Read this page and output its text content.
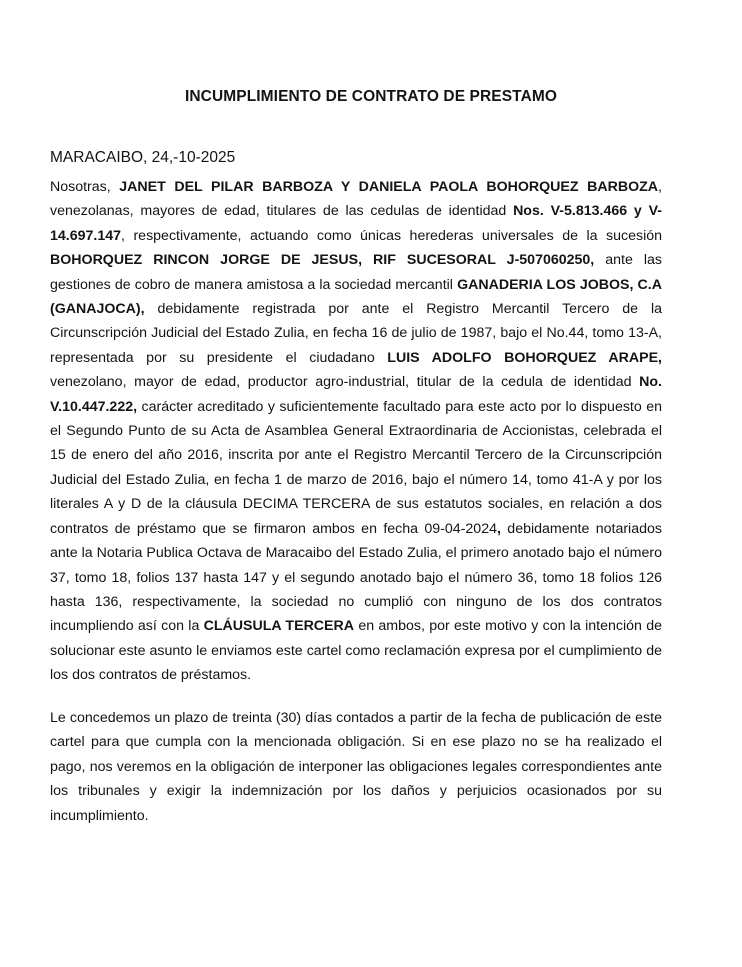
INCUMPLIMIENTO DE CONTRATO DE PRESTAMO
MARACAIBO, 24,-10-2025
Nosotras, JANET DEL PILAR BARBOZA Y DANIELA PAOLA BOHORQUEZ BARBOZA, venezolanas, mayores de edad, titulares de las cedulas de identidad Nos. V-5.813.466 y V-14.697.147, respectivamente, actuando como únicas herederas universales de la sucesión BOHORQUEZ RINCON JORGE DE JESUS, RIF SUCESORAL J-507060250, ante las gestiones de cobro de manera amistosa a la sociedad mercantil GANADERIA LOS JOBOS, C.A (GANAJOCA), debidamente registrada por ante el Registro Mercantil Tercero de la Circunscripción Judicial del Estado Zulia, en fecha 16 de julio de 1987, bajo el No.44, tomo 13-A, representada por su presidente el ciudadano LUIS ADOLFO BOHORQUEZ ARAPE, venezolano, mayor de edad, productor agro-industrial, titular de la cedula de identidad No. V.10.447.222, carácter acreditado y suficientemente facultado para este acto por lo dispuesto en el Segundo Punto de su Acta de Asamblea General Extraordinaria de Accionistas, celebrada el 15 de enero del año 2016, inscrita por ante el Registro Mercantil Tercero de la Circunscripción Judicial del Estado Zulia, en fecha 1 de marzo de 2016, bajo el número 14, tomo 41-A y por los literales A y D de la cláusula DECIMA TERCERA de sus estatutos sociales, en relación a dos contratos de préstamo que se firmaron ambos en fecha 09-04-2024, debidamente notariados ante la Notaria Publica Octava de Maracaibo del Estado Zulia, el primero anotado bajo el número 37, tomo 18, folios 137 hasta 147 y el segundo anotado bajo el número 36, tomo 18 folios 126 hasta 136, respectivamente, la sociedad no cumplió con ninguno de los dos contratos incumpliendo así con la CLÁUSULA TERCERA en ambos, por este motivo y con la intención de solucionar este asunto le enviamos este cartel como reclamación expresa por el cumplimiento de los dos contratos de préstamos.
Le concedemos un plazo de treinta (30) días contados a partir de la fecha de publicación de este cartel para que cumpla con la mencionada obligación. Si en ese plazo no se ha realizado el pago, nos veremos en la obligación de interponer las obligaciones legales correspondientes ante los tribunales y exigir la indemnización por los daños y perjuicios ocasionados por su incumplimiento.
